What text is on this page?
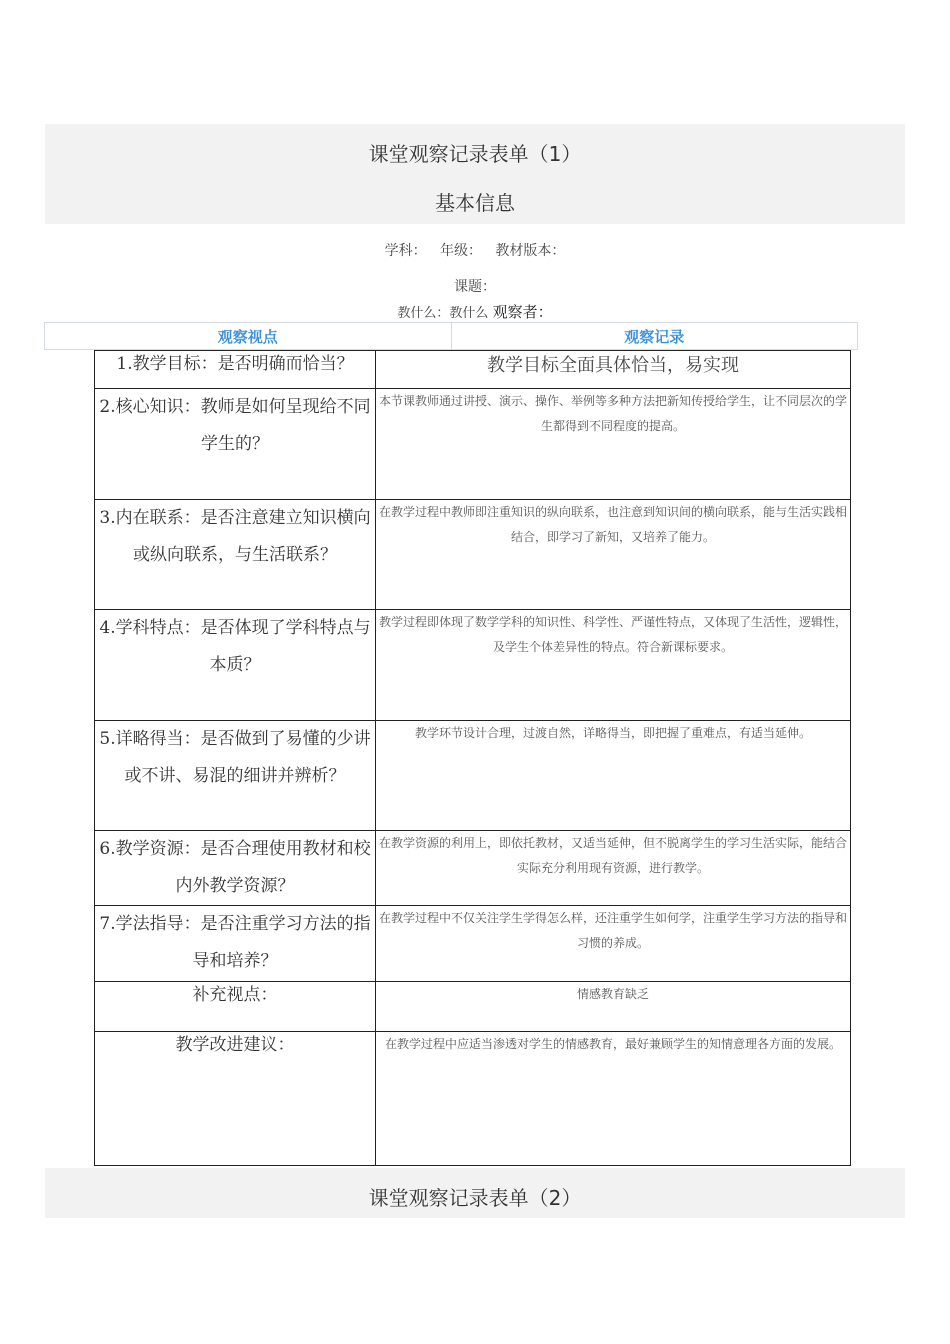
课堂观察记录表单（1）
基本信息
学科：   年级：   教材版本：
课题：
教什么：教什么 观察者：
观察视点	观察记录
1.教学目标：是否明确而恰当？	教学目标全面具体恰当，易实现
2.核心知识：教师是如何呈现给不同学生的？	本节课教师通过讲授、演示、操作、举例等多种方法把新知传授给学生，让不同层次的学生都得到不同程度的提高。
3.内在联系：是否注意建立知识横向或纵向联系，与生活联系？	在教学过程中教师即注重知识的纵向联系，也注意到知识间的横向联系，能与生活实践相结合，即学习了新知，又培养了能力。
4.学科特点：是否体现了学科特点与本质？	教学过程即体现了数学学科的知识性、科学性、严谨性特点，又体现了生活性，逻辑性，及学生个体差异性的特点。符合新课标要求。
5.详略得当：是否做到了易懂的少讲或不讲、易混的细讲并辨析？	教学环节设计合理，过渡自然，详略得当，即把握了重难点，有适当延伸。
6.教学资源：是否合理使用教材和校内外教学资源？	在教学资源的利用上，即依托教材，又适当延伸，但不脱离学生的学习生活实际，能结合实际充分利用现有资源，进行教学。
7.学法指导：是否注重学习方法的指导和培养？	在教学过程中不仅关注学生学得怎么样，还注重学生如何学，注重学生学习方法的指导和习惯的养成。
补充视点：	情感教育缺乏
教学改进建议：	在教学过程中应适当渗透对学生的情感教育，最好兼顾学生的知情意理各方面的发展。
课堂观察记录表单（2）
